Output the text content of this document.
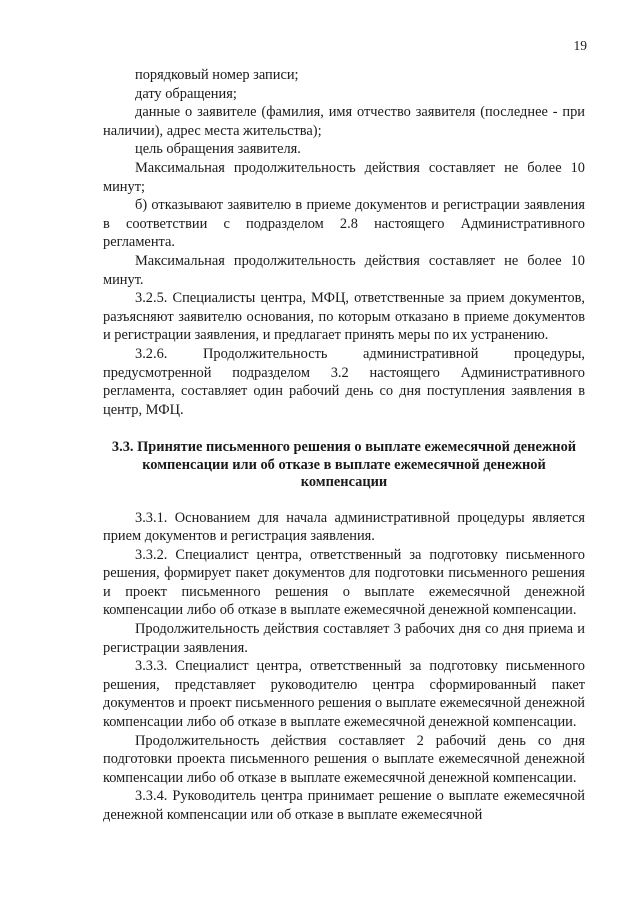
19

порядковый номер записи;

дату обращения;

данные о заявителе (фамилия, имя отчество заявителя (последнее - при наличии), адрес места жительства);

цель обращения заявителя.

Максимальная продолжительность действия составляет не более 10 минут;

б) отказывают заявителю в приеме документов и регистрации заявления в соответствии с подразделом 2.8 настоящего Административного регламента.

Максимальная продолжительность действия составляет не более 10 минут.

3.2.5. Специалисты центра, МФЦ, ответственные за прием документов, разъясняют заявителю основания, по которым отказано в приеме документов и регистрации заявления, и предлагает принять меры по их устранению.

3.2.6. Продолжительность административной процедуры, предусмотренной подразделом 3.2 настоящего Административного регламента, составляет один рабочий день со дня поступления заявления в центр, МФЦ.

3.3. Принятие письменного решения о выплате ежемесячной денежной
компенсации или об отказе в выплате ежемесячной денежной
компенсации

3.3.1. Основанием для начала административной процедуры является прием документов и регистрация заявления.

3.3.2. Специалист центра, ответственный за подготовку письменного решения, формирует пакет документов для подготовки письменного решения и проект письменного решения о выплате ежемесячной денежной компенсации либо об отказе в выплате ежемесячной денежной компенсации.

Продолжительность действия составляет 3 рабочих дня со дня приема и регистрации заявления.

3.3.3. Специалист центра, ответственный за подготовку письменного решения, представляет руководителю центра сформированный пакет документов и проект письменного решения о выплате ежемесячной денежной компенсации либо об отказе в выплате ежемесячной денежной компенсации.

Продолжительность действия составляет 2 рабочий день со дня подготовки проекта письменного решения о выплате ежемесячной денежной компенсации либо об отказе в выплате ежемесячной денежной компенсации.

3.3.4. Руководитель центра принимает решение о выплате ежемесячной денежной компенсации или об отказе в выплате ежемесячной
